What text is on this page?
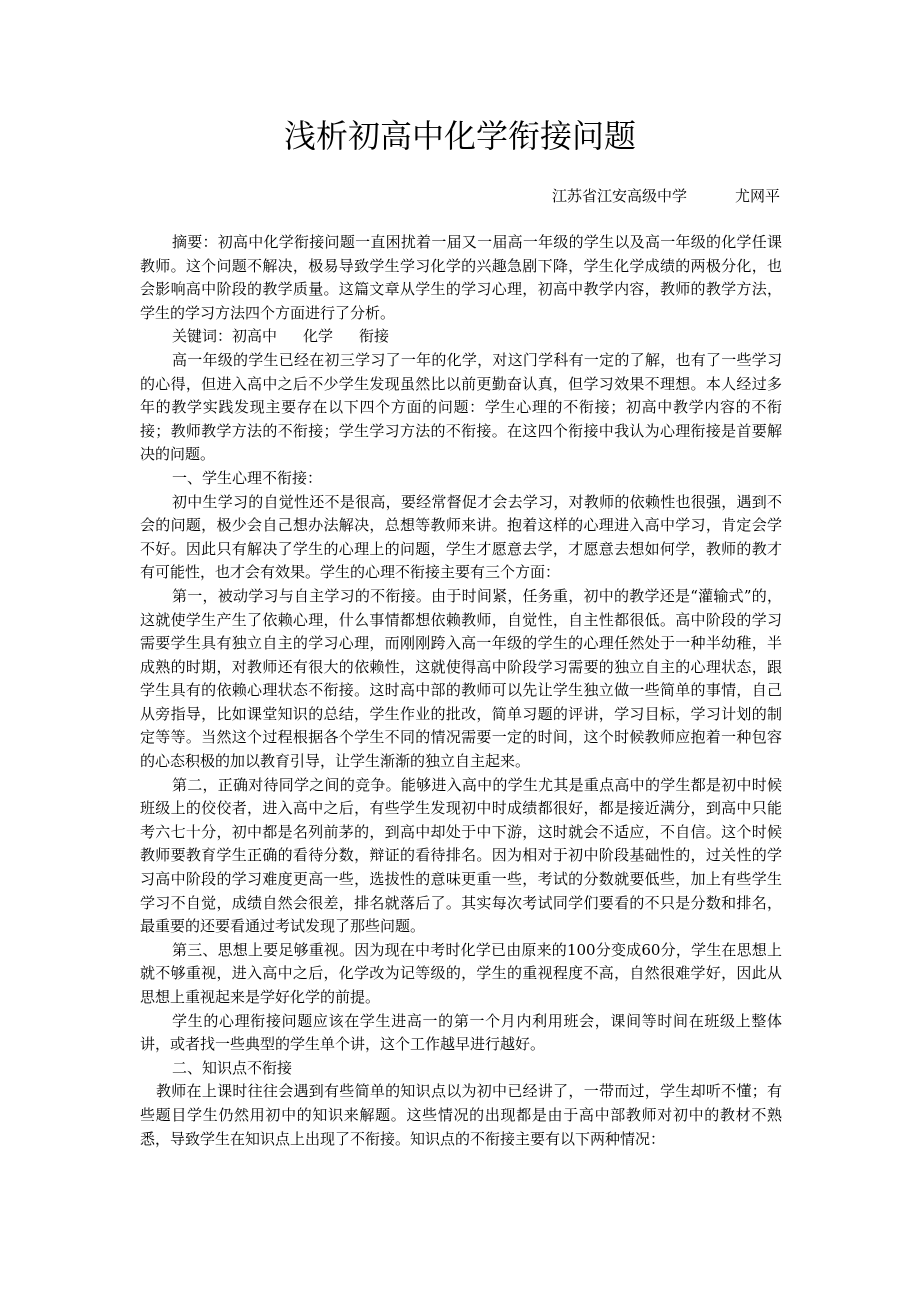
浅析初高中化学衔接问题
江苏省江安高级中学	尤网平

摘要：初高中化学衔接问题一直困扰着一届又一届高一年级的学生以及高一年级的化学任课教师。这个问题不解决，极易导致学生学习化学的兴趣急剧下降，学生化学成绩的两极分化，也会影响高中阶段的教学质量。这篇文章从学生的学习心理，初高中教学内容，教师的教学方法，学生的学习方法四个方面进行了分析。

关键词：初高中 化学 衔接

高一年级的学生已经在初三学习了一年的化学，对这门学科有一定的了解，也有了一些学习的心得，但进入高中之后不少学生发现虽然比以前更勤奋认真，但学习效果不理想。本人经过多年的教学实践发现主要存在以下四个方面的问题：学生心理的不衔接；初高中教学内容的不衔接；教师教学方法的不衔接；学生学习方法的不衔接。在这四个衔接中我认为心理衔接是首要解决的问题。

一、学生心理不衔接：

初中生学习的自觉性还不是很高，要经常督促才会去学习，对教师的依赖性也很强，遇到不会的问题，极少会自己想办法解决，总想等教师来讲。抱着这样的心理进入高中学习，肯定会学不好。因此只有解决了学生的心理上的问题，学生才愿意去学，才愿意去想如何学，教师的教才有可能性，也才会有效果。学生的心理不衔接主要有三个方面：

第一，被动学习与自主学习的不衔接。由于时间紧，任务重，初中的教学还是“灌输式”的，这就使学生产生了依赖心理，什么事情都想依赖教师，自觉性，自主性都很低。高中阶段的学习需要学生具有独立自主的学习心理，而刚刚跨入高一年级的学生的心理任然处于一种半幼稚，半成熟的时期，对教师还有很大的依赖性，这就使得高中阶段学习需要的独立自主的心理状态，跟学生具有的依赖心理状态不衔接。这时高中部的教师可以先让学生独立做一些简单的事情，自己从旁指导，比如课堂知识的总结，学生作业的批改，简单习题的评讲，学习目标，学习计划的制定等等。当然这个过程根据各个学生不同的情况需要一定的时间，这个时候教师应抱着一种包容的心态积极的加以教育引导，让学生渐渐的独立自主起来。

第二，正确对待同学之间的竞争。能够进入高中的学生尤其是重点高中的学生都是初中时候班级上的佼佼者，进入高中之后，有些学生发现初中时成绩都很好，都是接近满分，到高中只能考六七十分，初中都是名列前茅的，到高中却处于中下游，这时就会不适应，不自信。这个时候教师要教育学生正确的看待分数，辩证的看待排名。因为相对于初中阶段基础性的，过关性的学习高中阶段的学习难度更高一些，选拔性的意味更重一些，考试的分数就要低些，加上有些学生学习不自觉，成绩自然会很差，排名就落后了。其实每次考试同学们要看的不只是分数和排名，最重要的还要看通过考试发现了那些问题。

第三、思想上要足够重视。因为现在中考时化学已由原来的100分变成60分，学生在思想上就不够重视，进入高中之后，化学改为记等级的，学生的重视程度不高，自然很难学好，因此从思想上重视起来是学好化学的前提。

学生的心理衔接问题应该在学生进高一的第一个月内利用班会，课间等时间在班级上整体讲，或者找一些典型的学生单个讲，这个工作越早进行越好。

二、知识点不衔接

教师在上课时往往会遇到有些简单的知识点以为初中已经讲了，一带而过，学生却听不懂；有些题目学生仍然用初中的知识来解题。这些情况的出现都是由于高中部教师对初中的教材不熟悉，导致学生在知识点上出现了不衔接。知识点的不衔接主要有以下两种情况：
